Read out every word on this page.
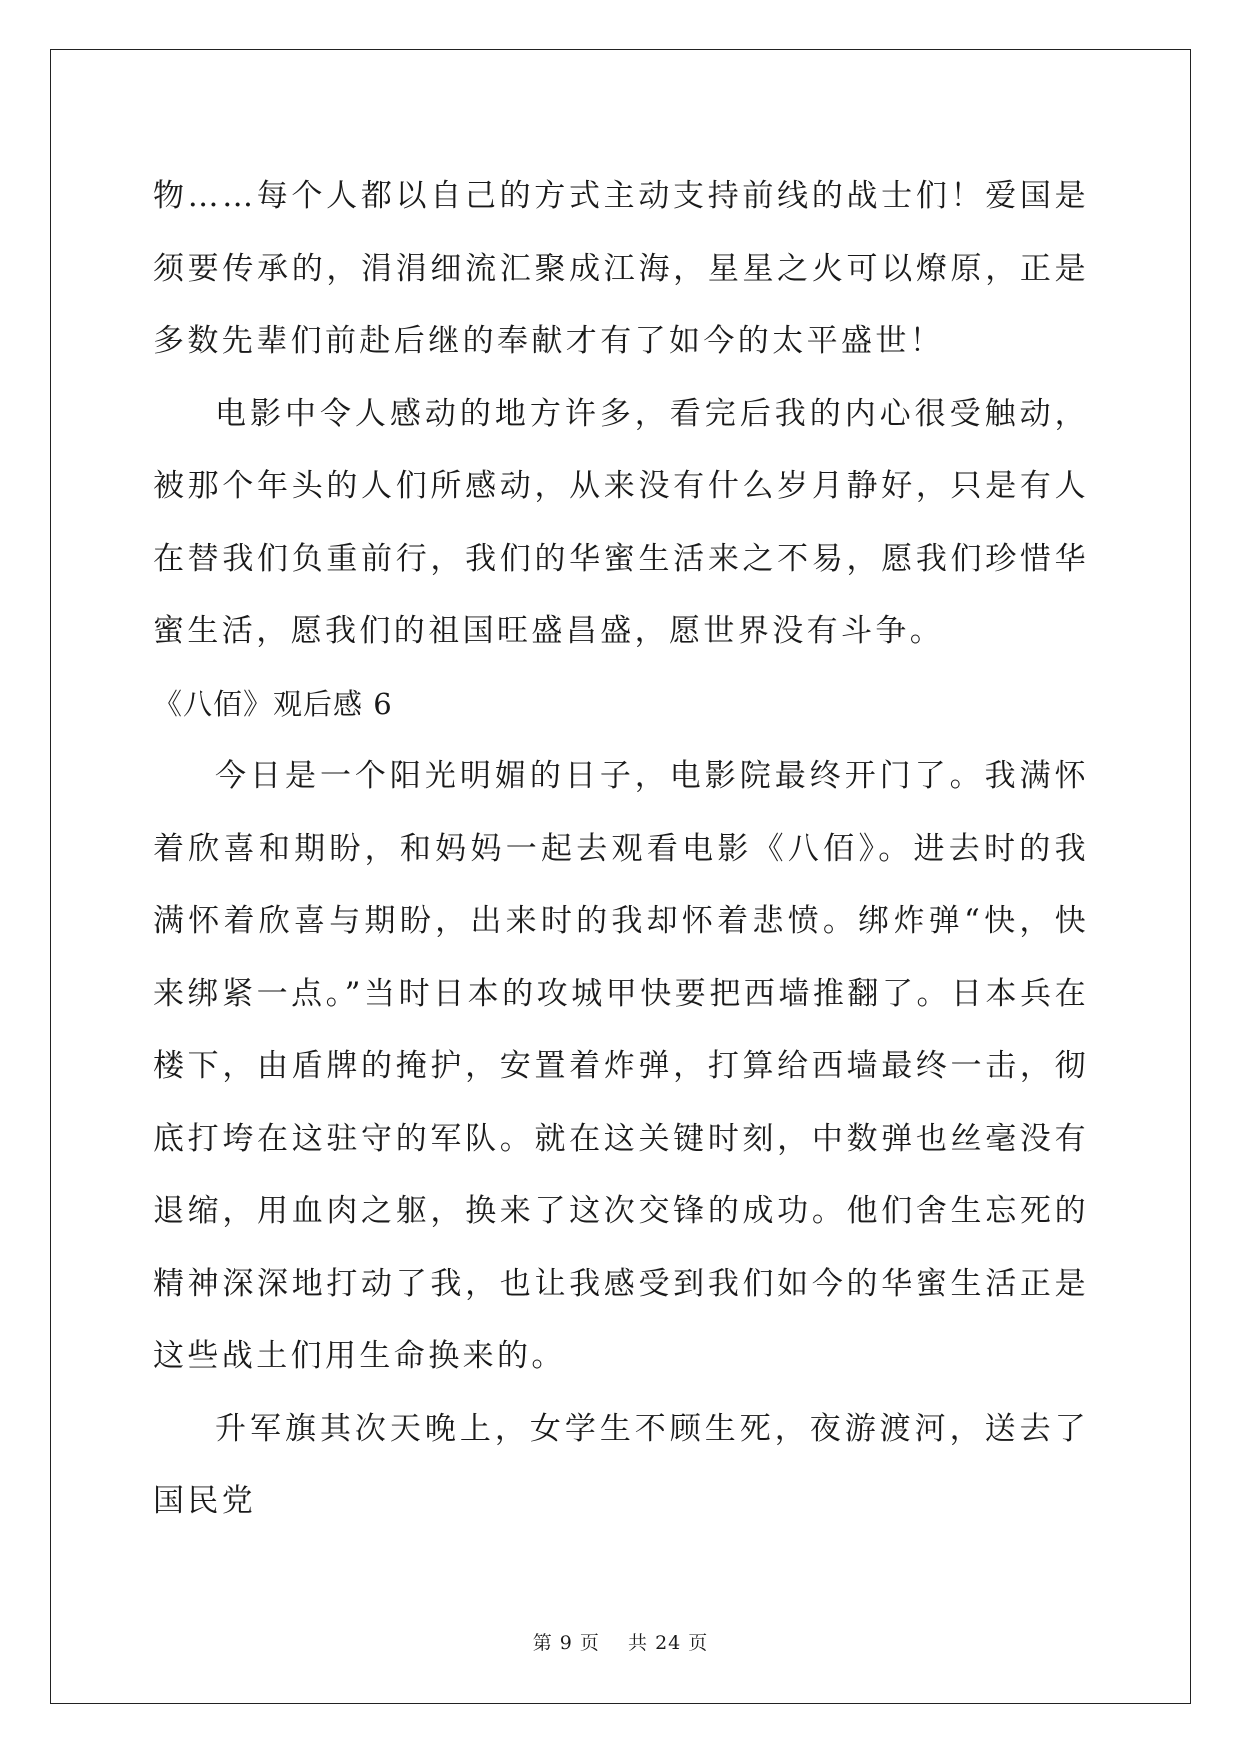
物……每个人都以自己的方式主动支持前线的战士们！爱国是须要传承的，涓涓细流汇聚成江海，星星之火可以燎原，正是多数先辈们前赴后继的奉献才有了如今的太平盛世！

电影中令人感动的地方许多，看完后我的内心很受触动，被那个年头的人们所感动，从来没有什么岁月静好，只是有人在替我们负重前行，我们的华蜜生活来之不易，愿我们珍惜华蜜生活，愿我们的祖国旺盛昌盛，愿世界没有斗争。

《八佰》观后感 6

今日是一个阳光明媚的日子，电影院最终开门了。我满怀着欣喜和期盼，和妈妈一起去观看电影《八佰》。进去时的我满怀着欣喜与期盼，出来时的我却怀着悲愤。绑炸弹“快，快来绑紧一点。”当时日本的攻城甲快要把西墙推翻了。日本兵在楼下，由盾牌的掩护，安置着炸弹，打算给西墙最终一击，彻底打垮在这驻守的军队。就在这关键时刻，中数弹也丝毫没有退缩，用血肉之躯，换来了这次交锋的成功。他们舍生忘死的精神深深地打动了我，也让我感受到我们如今的华蜜生活正是这些战土们用生命换来的。

升军旗其次天晚上，女学生不顾生死，夜游渡河，送去了国民党

第 9 页 共 24 页
